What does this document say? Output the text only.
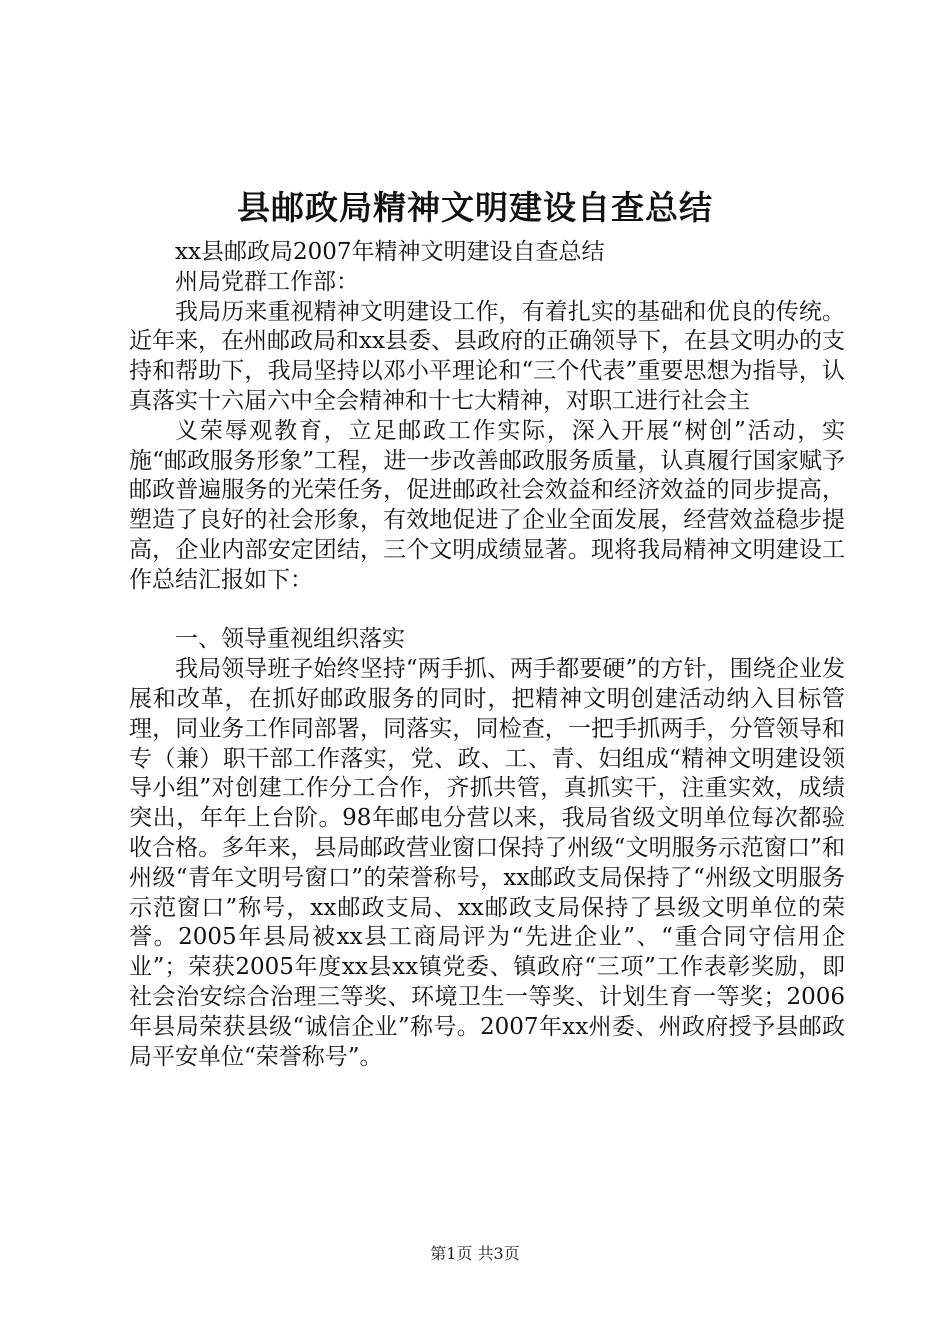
县邮政局精神文明建设自查总结

xx县邮政局2007年精神文明建设自查总结

州局党群工作部：

我局历来重视精神文明建设工作，有着扎实的基础和优良的传统。近年来，在州邮政局和xx县委、县政府的正确领导下，在县文明办的支持和帮助下，我局坚持以邓小平理论和“三个代表”重要思想为指导，认真落实十六届六中全会精神和十七大精神，对职工进行社会主

义荣辱观教育，立足邮政工作实际，深入开展“树创”活动，实施“邮政服务形象”工程，进一步改善邮政服务质量，认真履行国家赋予邮政普遍服务的光荣任务，促进邮政社会效益和经济效益的同步提高，塑造了良好的社会形象，有效地促进了企业全面发展，经营效益稳步提高，企业内部安定团结，三个文明成绩显著。现将我局精神文明建设工作总结汇报如下：

一、领导重视组织落实

我局领导班子始终坚持“两手抓、两手都要硬”的方针，围绕企业发展和改革，在抓好邮政服务的同时，把精神文明创建活动纳入目标管理，同业务工作同部署，同落实，同检查，一把手抓两手，分管领导和专（兼）职干部工作落实，党、政、工、青、妇组成“精神文明建设领导小组”对创建工作分工合作，齐抓共管，真抓实干，注重实效，成绩突出，年年上台阶。98年邮电分营以来，我局省级文明单位每次都验收合格。多年来，县局邮政营业窗口保持了州级“文明服务示范窗口”和州级“青年文明号窗口”的荣誉称号，xx邮政支局保持了“州级文明服务示范窗口”称号，xx邮政支局、xx邮政支局保持了县级文明单位的荣誉。2005年县局被xx县工商局评为“先进企业”、“重合同守信用企业”；荣获2005年度xx县xx镇党委、镇政府“三项”工作表彰奖励，即社会治安综合治理三等奖、环境卫生一等奖、计划生育一等奖；2006年县局荣获县级“诚信企业”称号。2007年xx州委、州政府授予县邮政局平安单位“荣誉称号”。

第1页 共3页
